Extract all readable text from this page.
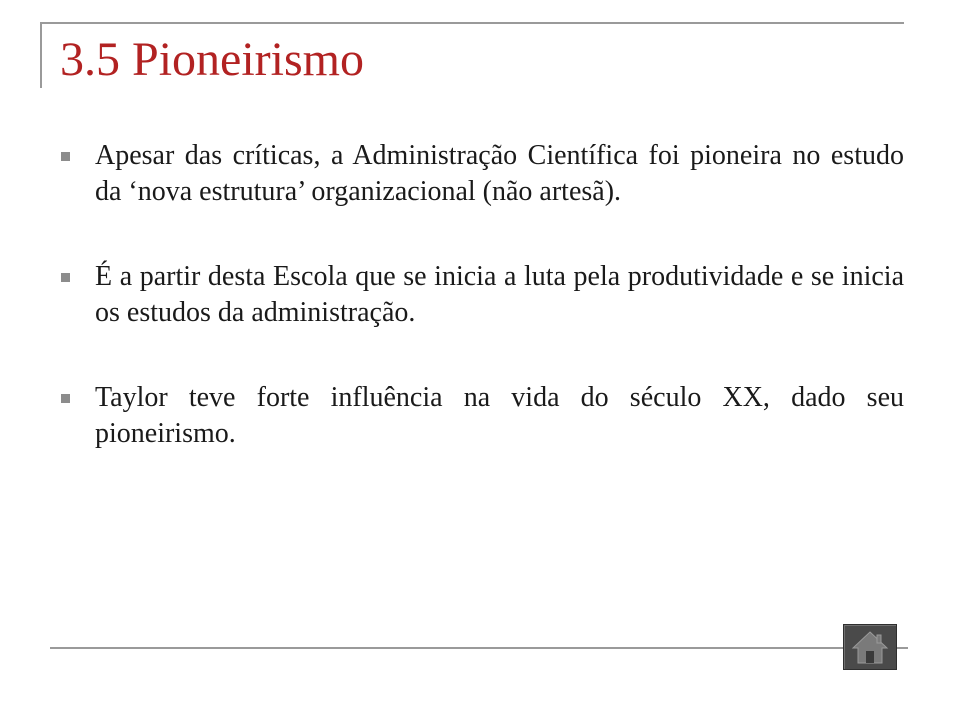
3.5 Pioneirismo
Apesar das críticas, a Administração Científica foi pioneira no estudo da ‘nova estrutura’ organizacional (não artesã).
É a partir desta Escola que se inicia a luta pela produtividade e se inicia os estudos da administração.
Taylor teve forte influência na vida do século XX, dado seu pioneirismo.
